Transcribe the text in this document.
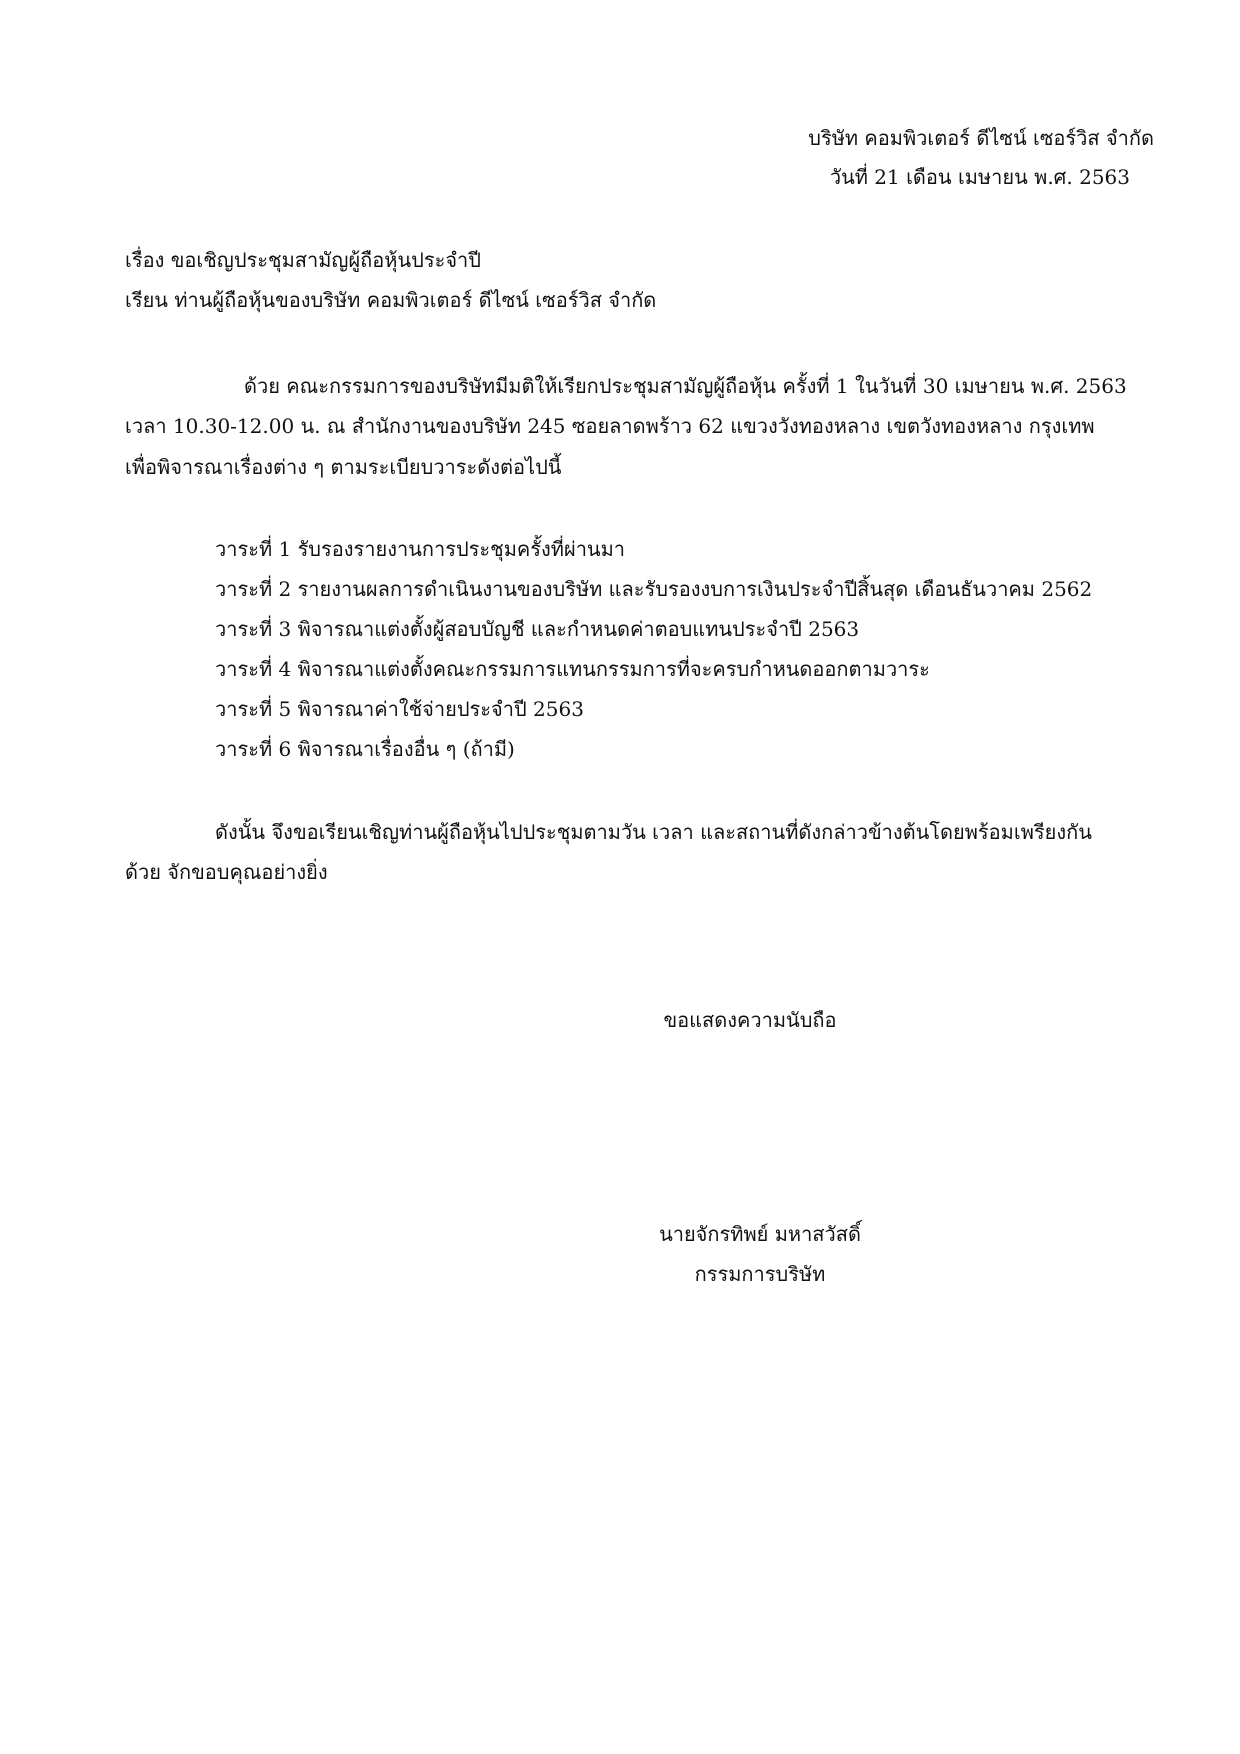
บริษัท คอมพิวเตอร์ ดีไซน์ เซอร์วิส จำกัด
วันที่ 21 เดือน เมษายน พ.ศ. 2563
เรื่อง ขอเชิญประชุมสามัญผู้ถือหุ้นประจำปี
เรียน ท่านผู้ถือหุ้นของบริษัท คอมพิวเตอร์ ดีไซน์ เซอร์วิส จำกัด
ด้วย คณะกรรมการของบริษัทมีมติให้เรียกประชุมสามัญผู้ถือหุ้น ครั้งที่ 1 ในวันที่ 30 เมษายน พ.ศ. 2563
เวลา 10.30-12.00 น. ณ สำนักงานของบริษัท 245 ซอยลาดพร้าว 62 แขวงวังทองหลาง เขตวังทองหลาง กรุงเทพ
เพื่อพิจารณาเรื่องต่าง ๆ ตามระเบียบวาระดังต่อไปนี้
วาระที่ 1 รับรองรายงานการประชุมครั้งที่ผ่านมา
วาระที่ 2 รายงานผลการดำเนินงานของบริษัท และรับรองงบการเงินประจำปีสิ้นสุด เดือนธันวาคม 2562
วาระที่ 3 พิจารณาแต่งตั้งผู้สอบบัญชี และกำหนดค่าตอบแทนประจำปี 2563
วาระที่ 4 พิจารณาแต่งตั้งคณะกรรมการแทนกรรมการที่จะครบกำหนดออกตามวาระ
วาระที่ 5 พิจารณาค่าใช้จ่ายประจำปี 2563
วาระที่ 6 พิจารณาเรื่องอื่น ๆ (ถ้ามี)
ดังนั้น จึงขอเรียนเชิญท่านผู้ถือหุ้นไปประชุมตามวัน เวลา และสถานที่ดังกล่าวข้างต้นโดยพร้อมเพรียงกัน
ด้วย จักขอบคุณอย่างยิ่ง
ขอแสดงความนับถือ
นายจักรทิพย์ มหาสวัสดิ์
กรรมการบริษัท
